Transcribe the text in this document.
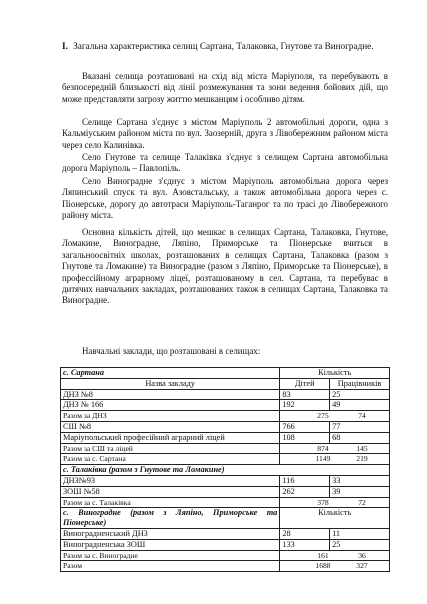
I. Загальна характеристика селищ Сартана, Талаковка, Гнутове та Виноградне.
Вказані селища розташовані на схід від міста Маріуполя, та перебувають в безпосередній близькості від лінії розмежування та зони ведення бойових дій, що може представляти загрозу життю мешканцям і особливо дітям.
Селище Сартана з'єднує з містом Маріуполь 2 автомобільні дороги, одна з Кальміуським районом міста по вул. Заозерній, друга з Лівобережним районом міста через село Калинівка.
Село Гнутове та селище Талаківка з'єднує з селищем Сартана автомобільна дорога Маріуполь – Павлопіль.
Село Виноградне з'єднує з містом Маріуполь автомобільна дорога через Ляпинський спуск та вул. Азовстальську, а також автомобільна дорога через с. Піонерське, дорогу до автотраси Маріуполь-Таганрог та по трасі до Лівобережного району міста.
Основна кількість дітей, що мешкає в селищах Сартана, Талаковка, Гнутове, Ломакине, Виноградне, Ляпіно, Приморське та Піонерське вчиться в загальноосвітніх школах, розташованих в селищах Сартана, Талаковка (разом з Гнутове та Ломакине) та Виноградне (разом з Ляпіно, Приморське та Піонерське), в профессійному аграрному ліцеї, розташованому в сел. Сартана, та перебуває в дитячих навчальних закладах, розташованих також в селищах Сартана, Талаковка та Виноградне.
Навчальні заклади, що розташовані в селищах:
с. Сартана	Кількість	
Назва закладу	Дітей	Працівників
ДНЗ №8	83	25
ДНЗ № 166	192	49
Разом за ДНЗ	275 74	
СШ №8	766	77
Маріупольський професійний аграрний ліцей	108	68
Разом за СШ та ліцей	874 145	
Разом за с. Сартана	1149 219	
с. Талаківка (разом з Гнутове та Ломакине)		
ДНЗ№93	116	33
ЗОШ №58	262	39
Разом за с. Талаківка	378 72	
с. Виноградне (разом з Ляпіно, Приморське та Піонерське)	Кількість	
Виноградненський ДНЗ	28	11
Виноградненська ЗОШ	133	25
Разом за с. Виноградне	161 36	
Разом	1688 327	
